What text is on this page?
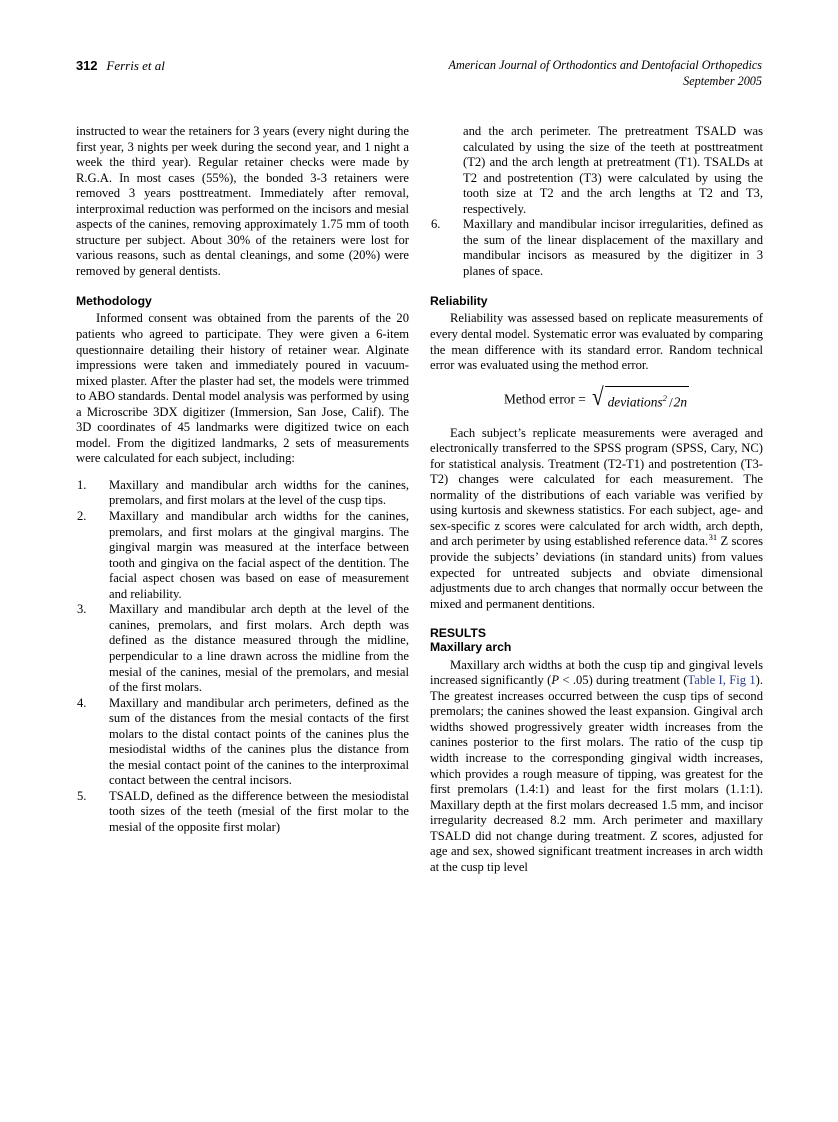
312 Ferris et al	American Journal of Orthodontics and Dentofacial Orthopedics
September 2005

instructed to wear the retainers for 3 years (every night during the first year, 3 nights per week during the second year, and 1 night a week the third year). Regular retainer checks were made by R.G.A. In most cases (55%), the bonded 3-3 retainers were removed 3 years posttreatment. Immediately after removal, interproximal reduction was performed on the incisors and mesial aspects of the canines, removing approximately 1.75 mm of tooth structure per subject. About 30% of the retainers were lost for various reasons, such as dental cleanings, and some (20%) were removed by general dentists.

Methodology

Informed consent was obtained from the parents of the 20 patients who agreed to participate. They were given a 6-item questionnaire detailing their history of retainer wear. Alginate impressions were taken and immediately poured in vacuum-mixed plaster. After the plaster had set, the models were trimmed to ABO standards. Dental model analysis was performed by using a Microscribe 3DX digitizer (Immersion, San Jose, Calif). The 3D coordinates of 45 landmarks were digitized twice on each model. From the digitized landmarks, 2 sets of measurements were calculated for each subject, including:

1.	Maxillary and mandibular arch widths for the canines, premolars, and first molars at the level of the cusp tips.
2.	Maxillary and mandibular arch widths for the canines, premolars, and first molars at the gingival margins. The gingival margin was measured at the interface between tooth and gingiva on the facial aspect of the dentition. The facial aspect chosen was based on ease of measurement and reliability.
3.	Maxillary and mandibular arch depth at the level of the canines, premolars, and first molars. Arch depth was defined as the distance measured through the midline, perpendicular to a line drawn across the midline from the mesial of the canines, mesial of the premolars, and mesial of the first molars.
4.	Maxillary and mandibular arch perimeters, defined as the sum of the distances from the mesial contacts of the first molars to the distal contact points of the canines plus the mesiodistal widths of the canines plus the distance from the mesial contact point of the canines to the interproximal contact between the central incisors.
5.	TSALD, defined as the difference between the mesiodistal tooth sizes of the teeth (mesial of the first molar to the mesial of the opposite first molar)
and the arch perimeter. The pretreatment TSALD was calculated by using the size of the teeth at posttreatment (T2) and the arch length at pretreatment (T1). TSALDs at T2 and postretention (T3) were calculated by using the tooth size at T2 and the arch lengths at T2 and T3, respectively.
6.	Maxillary and mandibular incisor irregularities, defined as the sum of the linear displacement of the maxillary and mandibular incisors as measured by the digitizer in 3 planes of space.
Reliability

Reliability was assessed based on replicate measurements of every dental model. Systematic error was evaluated by comparing the mean difference with its standard error. Random technical error was evaluated using the method error.

Method error = √ deviations$^2$ /2n

Each subject’s replicate measurements were averaged and electronically transferred to the SPSS program (SPSS, Cary, NC) for statistical analysis. Treatment (T2-T1) and postretention (T3-T2) changes were calculated for each measurement. The normality of the distributions of each variable was verified by using kurtosis and skewness statistics. For each subject, age- and sex-specific z scores were calculated for arch width, arch depth, and arch perimeter by using established reference data.$^{31}$ Z scores provide the subjects’ deviations (in standard units) from values expected for untreated subjects and obviate dimensional adjustments due to arch changes that normally occur between the mixed and permanent dentitions.

RESULTS
Maxillary arch

Maxillary arch widths at both the cusp tip and gingival levels increased significantly (P < .05) during treatment (Table I, Fig 1). The greatest increases occurred between the cusp tips of second premolars; the canines showed the least expansion. Gingival arch widths showed progressively greater width increases from the canines posterior to the first molars. The ratio of the cusp tip width increase to the corresponding gingival width increases, which provides a rough measure of tipping, was greatest for the first premolars (1.4:1) and least for the first molars (1.1:1). Maxillary depth at the first molars decreased 1.5 mm, and incisor irregularity decreased 8.2 mm. Arch perimeter and maxillary TSALD did not change during treatment. Z scores, adjusted for age and sex, showed significant treatment increases in arch width at the cusp tip level
